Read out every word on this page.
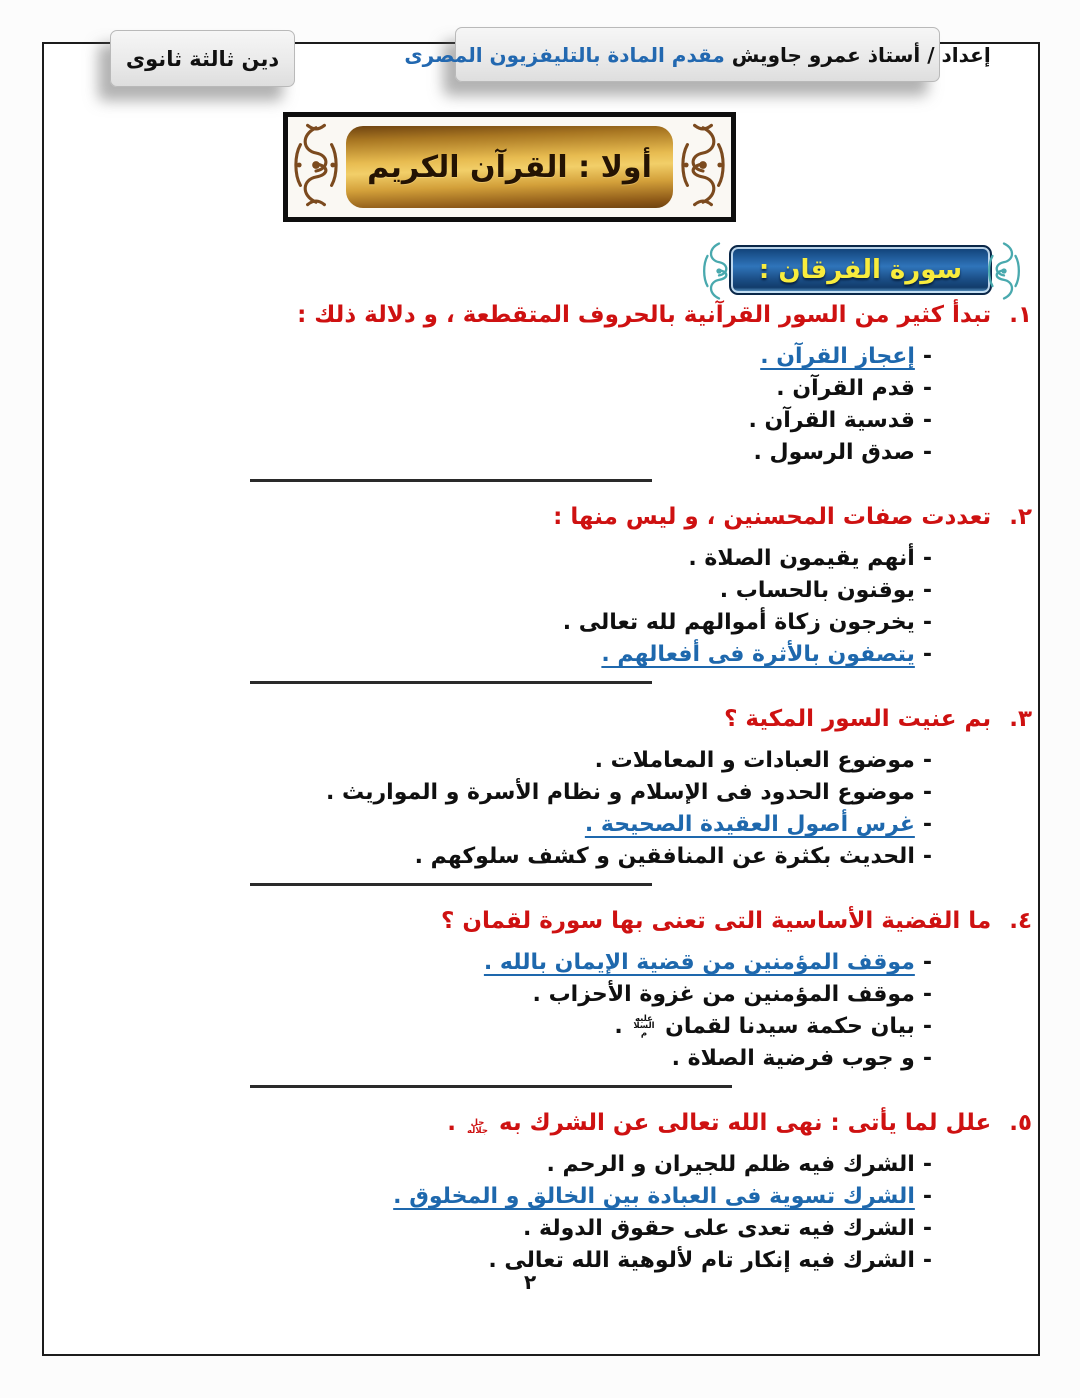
إعداد / أستاذ عمرو جاويش
مقدم المادة بالتليفزيون المصرى
دين ثالثة ثانوى
أولا : القرآن الكريم
سورة الفرقان :

١. تبدأ كثير من السور القرآنية بالحروف المتقطعة ، و دلالة ذلك :

-إعجاز القرآن .
-قدم القرآن .
-قدسية القرآن .
-صدق الرسول .

٢. تعددت صفات المحسنين ، و ليس منها :

-أنهم يقيمون الصلاة .
-يوقنون بالحساب .
-يخرجون زكاة أموالهم لله تعالى .
-يتصفون بالأثرة فى أفعالهم .

٣. بم عنيت السور المكية ؟

-موضوع العبادات و المعاملات .
-موضوع الحدود فى الإسلام و نظام الأسرة و المواريث .
-غرس أصول العقيدة الصحيحة .
-الحديث بكثرة عن المنافقين و كشف سلوكهم .

٤. ما القضية الأساسية التى تعنى بها سورة لقمان ؟

-موقف المؤمنين من قضية الإيمان بالله .
-موقف المؤمنين من غزوة الأحزاب .
-بيان حكمة سيدنا لقمان عليه السلام .
-و جوب فرضية الصلاة .

٥. علل لما يأتى : نهى الله تعالى عن الشرك به جل جلاله .

-الشرك فيه ظلم للجيران و الرحم .
-الشرك تسوية فى العبادة بين الخالق و المخلوق .
-الشرك فيه تعدى على حقوق الدولة .
-الشرك فيه إنكار تام لألوهية الله تعالى .
٢
